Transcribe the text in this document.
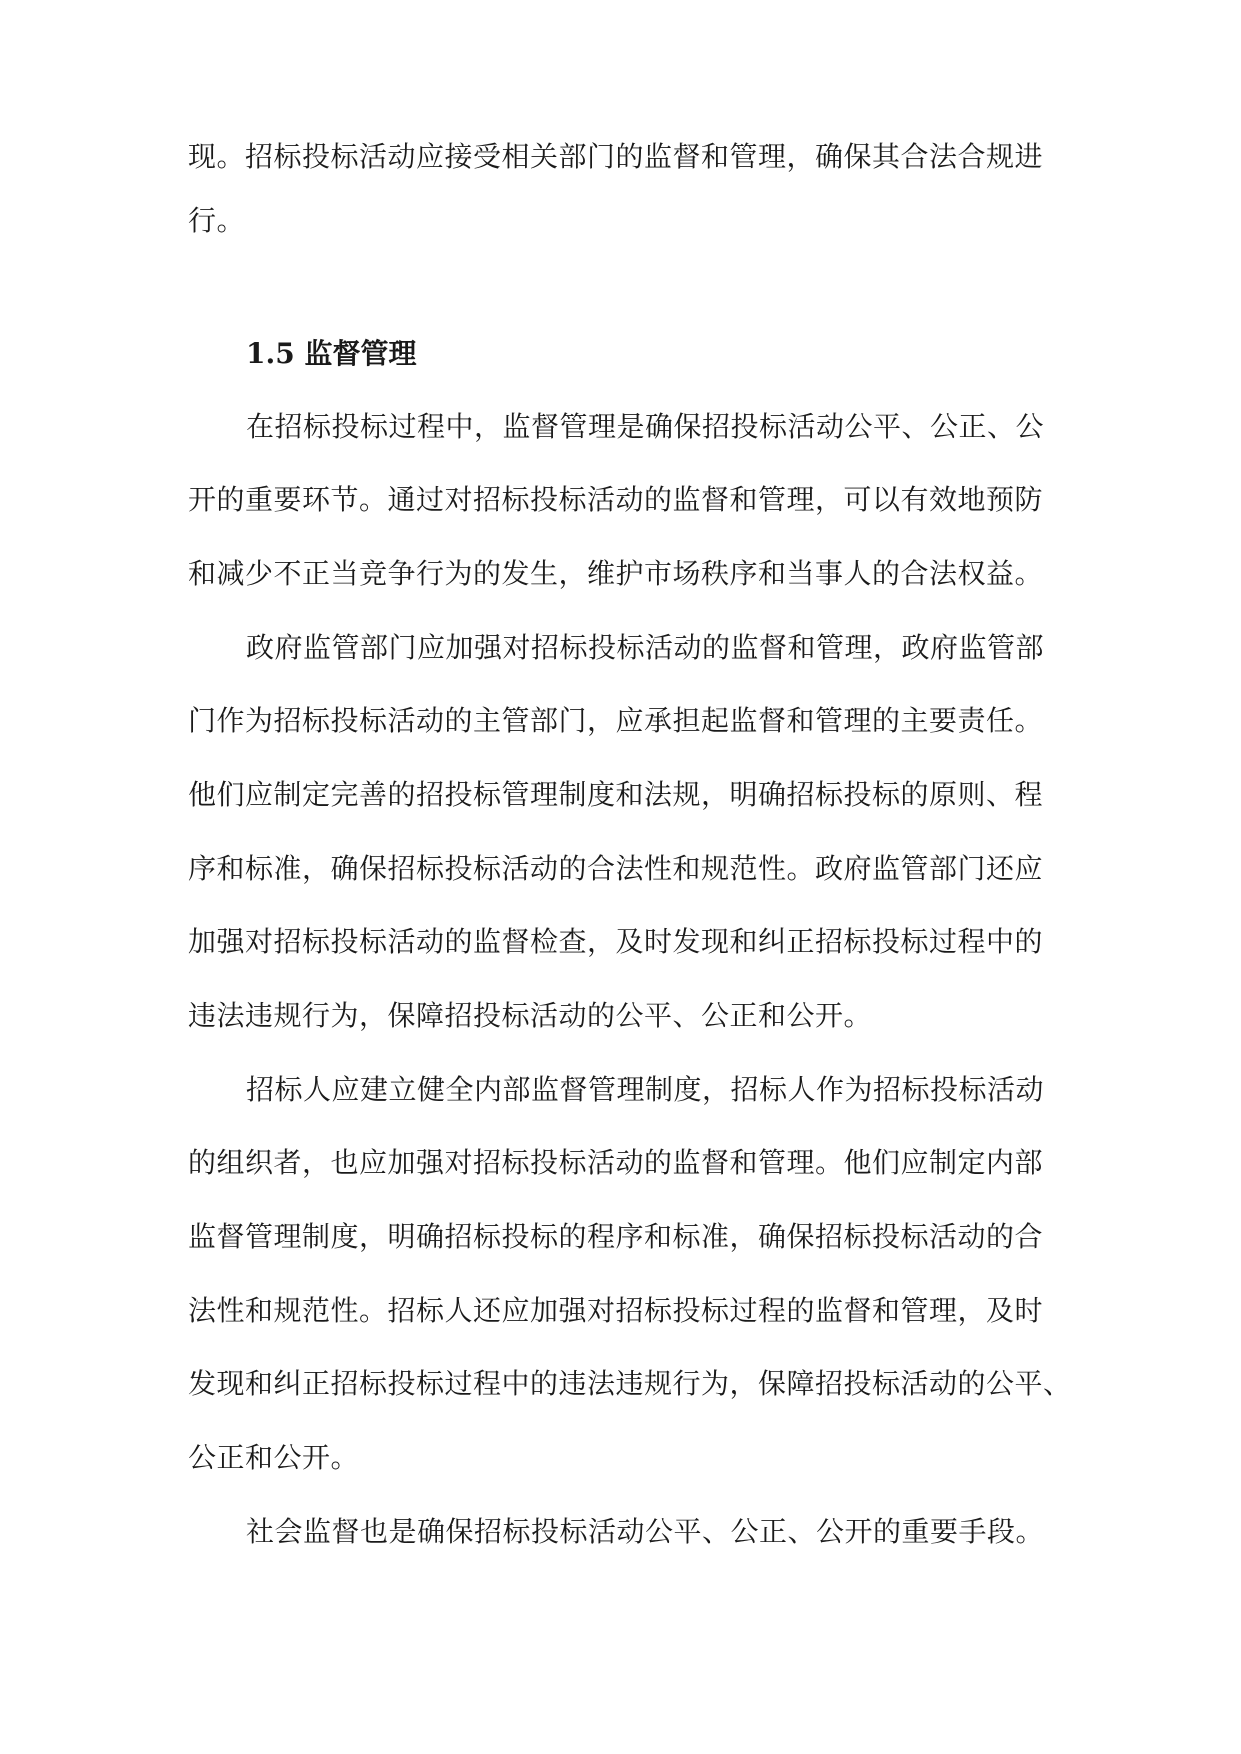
现。招标投标活动应接受相关部门的监督和管理，确保其合法合规进
行。
1.5 监督管理
在招标投标过程中，监督管理是确保招投标活动公平、公正、公
开的重要环节。通过对招标投标活动的监督和管理，可以有效地预防
和减少不正当竞争行为的发生，维护市场秩序和当事人的合法权益。
政府监管部门应加强对招标投标活动的监督和管理，政府监管部
门作为招标投标活动的主管部门，应承担起监督和管理的主要责任。
他们应制定完善的招投标管理制度和法规，明确招标投标的原则、程
序和标准，确保招标投标活动的合法性和规范性。政府监管部门还应
加强对招标投标活动的监督检查，及时发现和纠正招标投标过程中的
违法违规行为，保障招投标活动的公平、公正和公开。
招标人应建立健全内部监督管理制度，招标人作为招标投标活动
的组织者，也应加强对招标投标活动的监督和管理。他们应制定内部
监督管理制度，明确招标投标的程序和标准，确保招标投标活动的合
法性和规范性。招标人还应加强对招标投标过程的监督和管理，及时
发现和纠正招标投标过程中的违法违规行为，保障招投标活动的公平、
公正和公开。
社会监督也是确保招标投标活动公平、公正、公开的重要手段。
